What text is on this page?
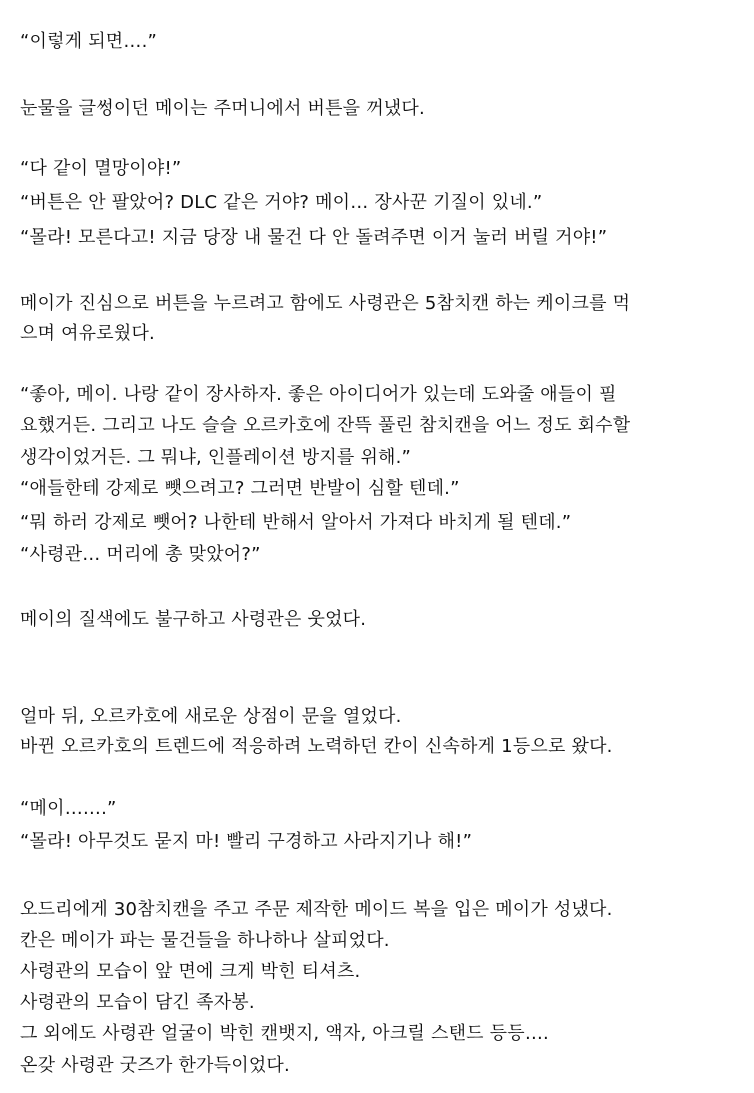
“이렇게 되면….”
눈물을 글썽이던 메이는 주머니에서 버튼을 꺼냈다.
“다 같이 멸망이야!”
“버튼은 안 팔았어? DLC 같은 거야? 메이… 장사꾼 기질이 있네.”
“몰라! 모른다고! 지금 당장 내 물건 다 안 돌려주면 이거 눌러 버릴 거야!”
메이가 진심으로 버튼을 누르려고 함에도 사령관은 5참치캔 하는 케이크를 먹
으며 여유로웠다.
“좋아, 메이. 나랑 같이 장사하자. 좋은 아이디어가 있는데 도와줄 애들이 필
요했거든. 그리고 나도 슬슬 오르카호에 잔뜩 풀린 참치캔을 어느 정도 회수할
생각이었거든. 그 뭐냐, 인플레이션 방지를 위해.”
“애들한테 강제로 뺏으려고? 그러면 반발이 심할 텐데.”
“뭐 하러 강제로 뺏어? 나한테 반해서 알아서 가져다 바치게 될 텐데.”
“사령관… 머리에 총 맞았어?”
메이의 질색에도 불구하고 사령관은 웃었다.
얼마 뒤, 오르카호에 새로운 상점이 문을 열었다.
바뀐 오르카호의 트렌드에 적응하려 노력하던 칸이 신속하게 1등으로 왔다.
“메이…….”
“몰라! 아무것도 묻지 마! 빨리 구경하고 사라지기나 해!”
오드리에게 30참치캔을 주고 주문 제작한 메이드 복을 입은 메이가 성냈다.
칸은 메이가 파는 물건들을 하나하나 살피었다.
사령관의 모습이 앞 면에 크게 박힌 티셔츠.
사령관의 모습이 담긴 족자봉.
그 외에도 사령관 얼굴이 박힌 캔뱃지, 액자, 아크릴 스탠드 등등….
온갖 사령관 굿즈가 한가득이었다.
